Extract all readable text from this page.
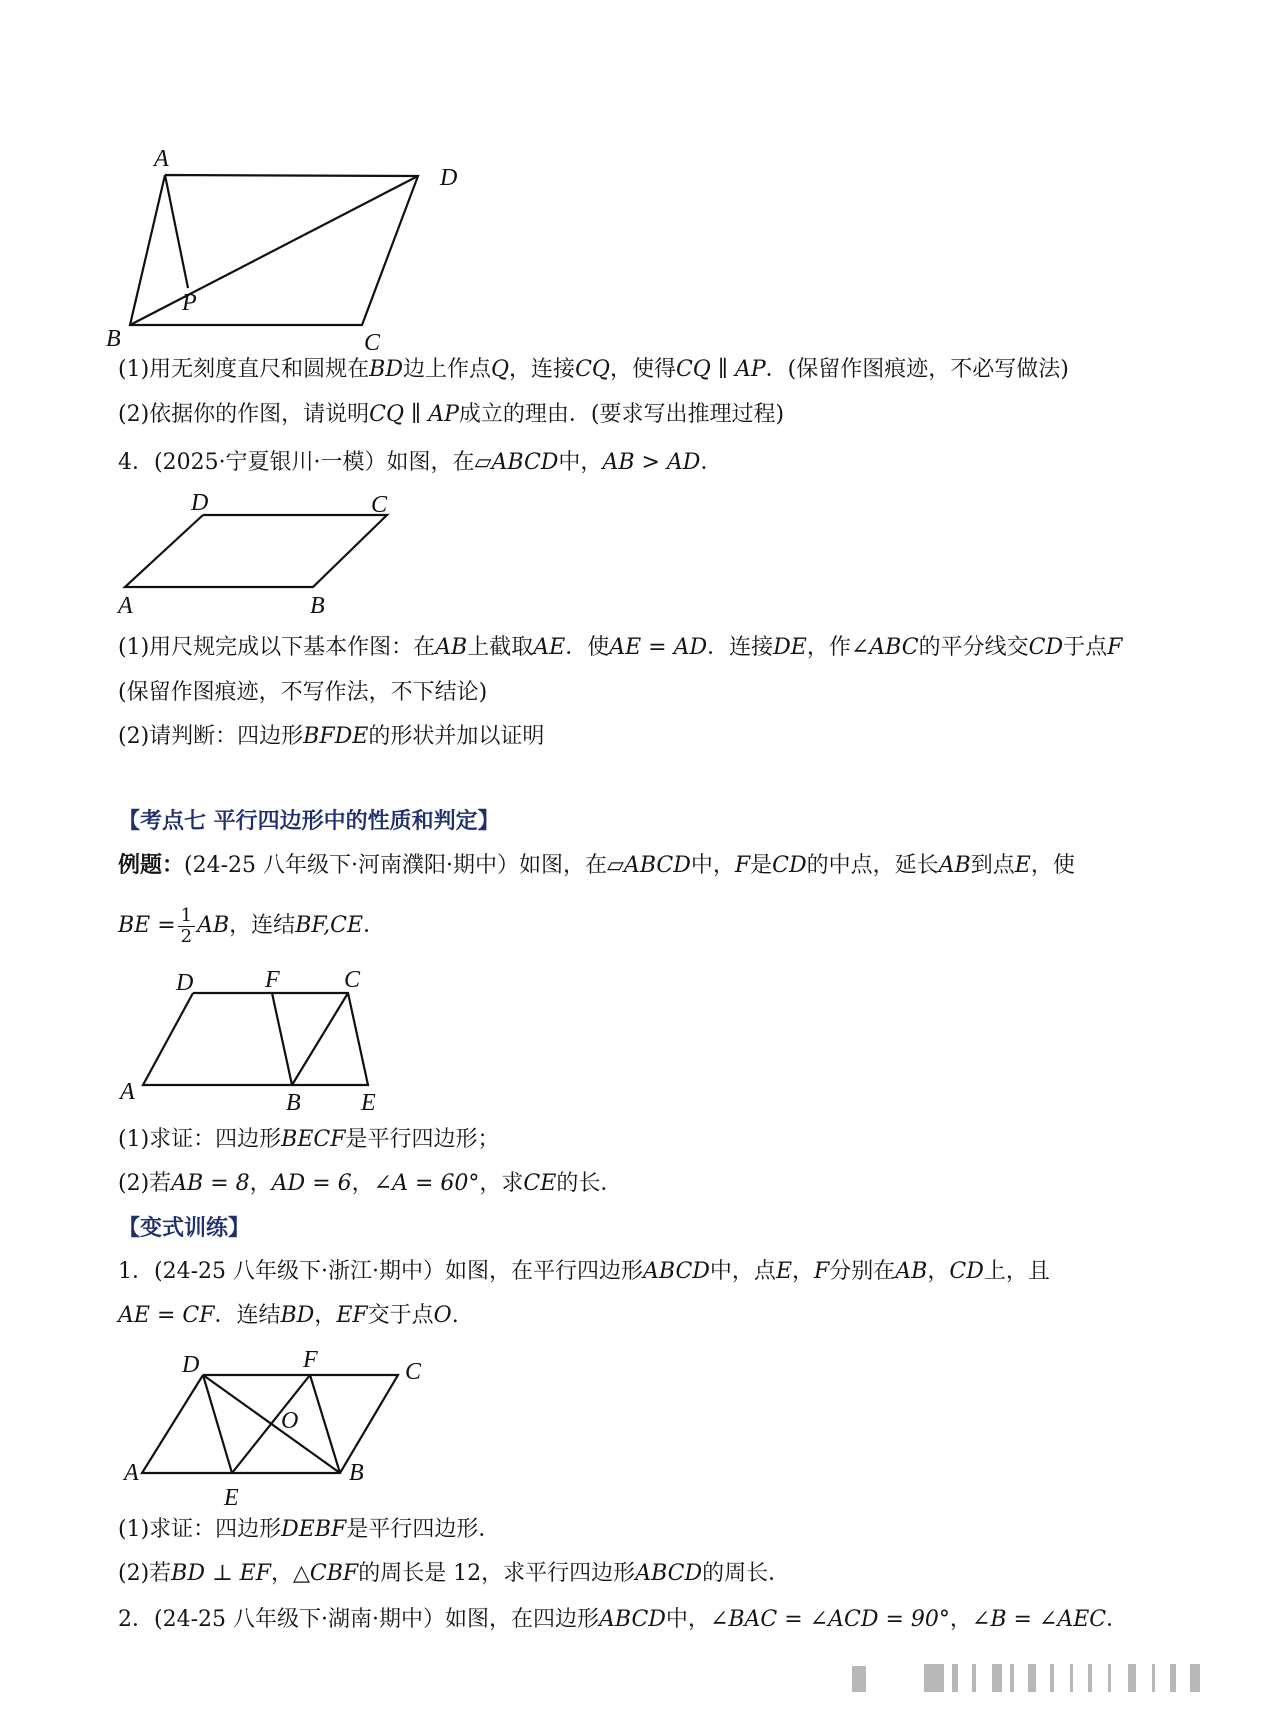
A
D
P
B	C
(1)用无刻度直尺和圆规在BD边上作点Q，连接CQ，使得CQ ∥ AP．(保留作图痕迹，不必写做法)
(2)依据你的作图，请说明CQ ∥ AP成立的理由．(要求写出推理过程)
4．(2025·宁夏银川·一模）如图，在▱ABCD中，AB > AD．
D	C
A	B
(1)用尺规完成以下基本作图：在AB上截取AE．使AE = AD．连接DE，作∠ABC的平分线交CD于点F
(保留作图痕迹，不写作法，不下结论)
(2)请判断：四边形BFDE的形状并加以证明
【考点七 平行四边形中的性质和判定】
例题：(24-25 八年级下·河南濮阳·期中）如图，在▱ABCD中，F是CD的中点，延长AB到点E，使
BE = $\frac{1}{2}$ AB，连结BF,CE．
D	F	C
A	B	E
(1)求证：四边形BECF是平行四边形；
(2)若AB = 8，AD = 6，∠A = 60°，求CE的长．
【变式训练】
1．(24-25 八年级下·浙江·期中）如图，在平行四边形ABCD中，点E，F分别在AB，CD上，且
AE = CF．连结BD，EF交于点O.
D	F	C
O
A	B
E
(1)求证：四边形DEBF是平行四边形．
(2)若BD ⊥ EF，△CBF的周长是 12，求平行四边形ABCD的周长．
2．(24-25 八年级下·湖南·期中）如图，在四边形ABCD中，∠BAC = ∠ACD = 90°，∠B = ∠AEC．
